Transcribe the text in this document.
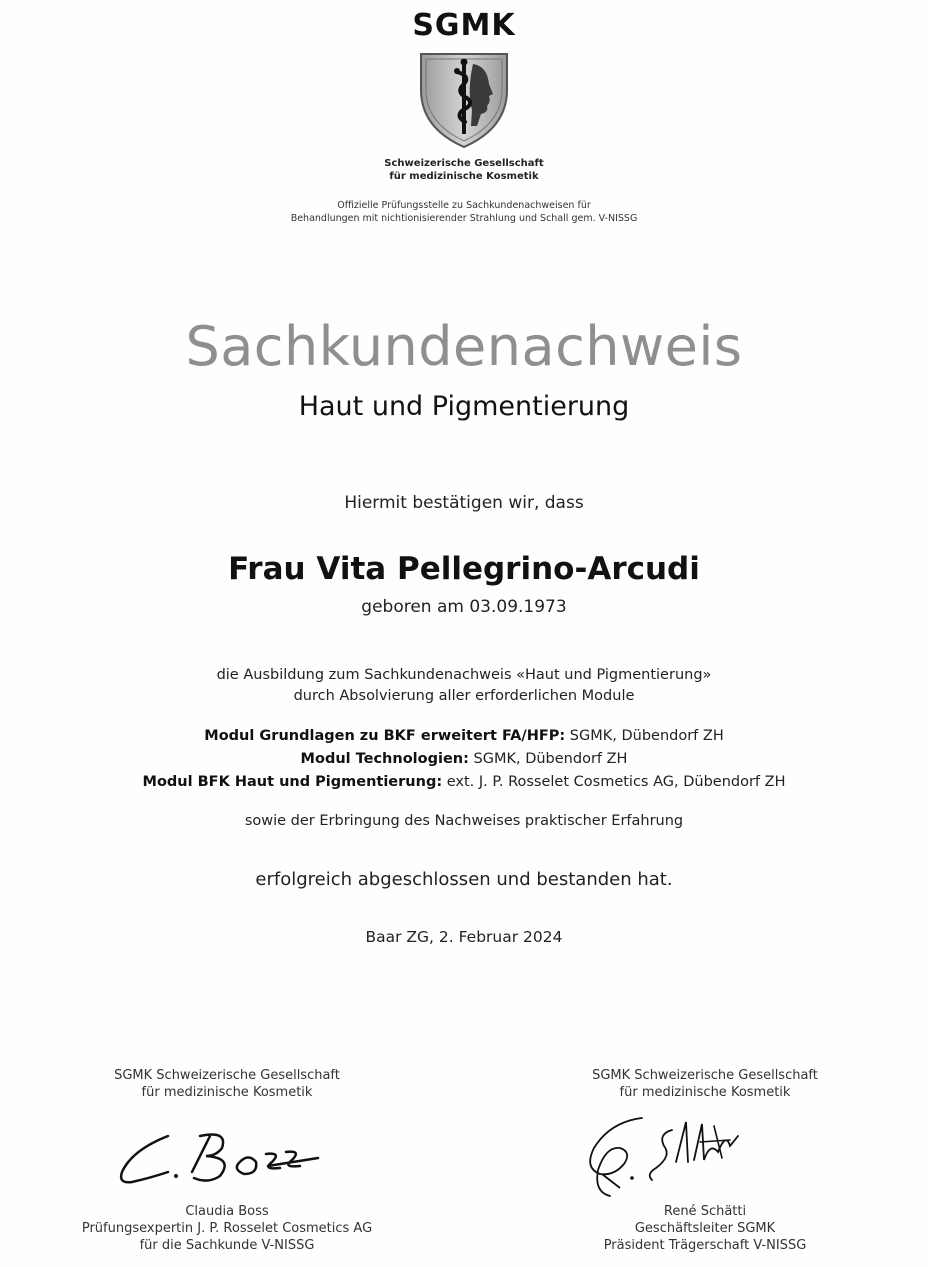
SGMK
Schweizerische Gesellschaft
für medizinische Kosmetik
Offizielle Prüfungsstelle zu Sachkundenachweisen für
Behandlungen mit nichtionisierender Strahlung und Schall gem. V-NISSG
Sachkundenachweis
Haut und Pigmentierung
Hiermit bestätigen wir, dass
Frau Vita Pellegrino-Arcudi
geboren am 03.09.1973
die Ausbildung zum Sachkundenachweis «Haut und Pigmentierung»
durch Absolvierung aller erforderlichen Module
Modul Grundlagen zu BKF erweitert FA/HFP: SGMK, Dübendorf ZH
Modul Technologien: SGMK, Dübendorf ZH
Modul BFK Haut und Pigmentierung: ext. J. P. Rosselet Cosmetics AG, Dübendorf ZH
sowie der Erbringung des Nachweises praktischer Erfahrung
erfolgreich abgeschlossen und bestanden hat.
Baar ZG, 2. Februar 2024
SGMK Schweizerische Gesellschaft
für medizinische Kosmetik
Claudia Boss
Prüfungsexpertin J. P. Rosselet Cosmetics AG
für die Sachkunde V-NISSG
SGMK Schweizerische Gesellschaft
für medizinische Kosmetik
René Schätti
Geschäftsleiter SGMK
Präsident Trägerschaft V-NISSG
